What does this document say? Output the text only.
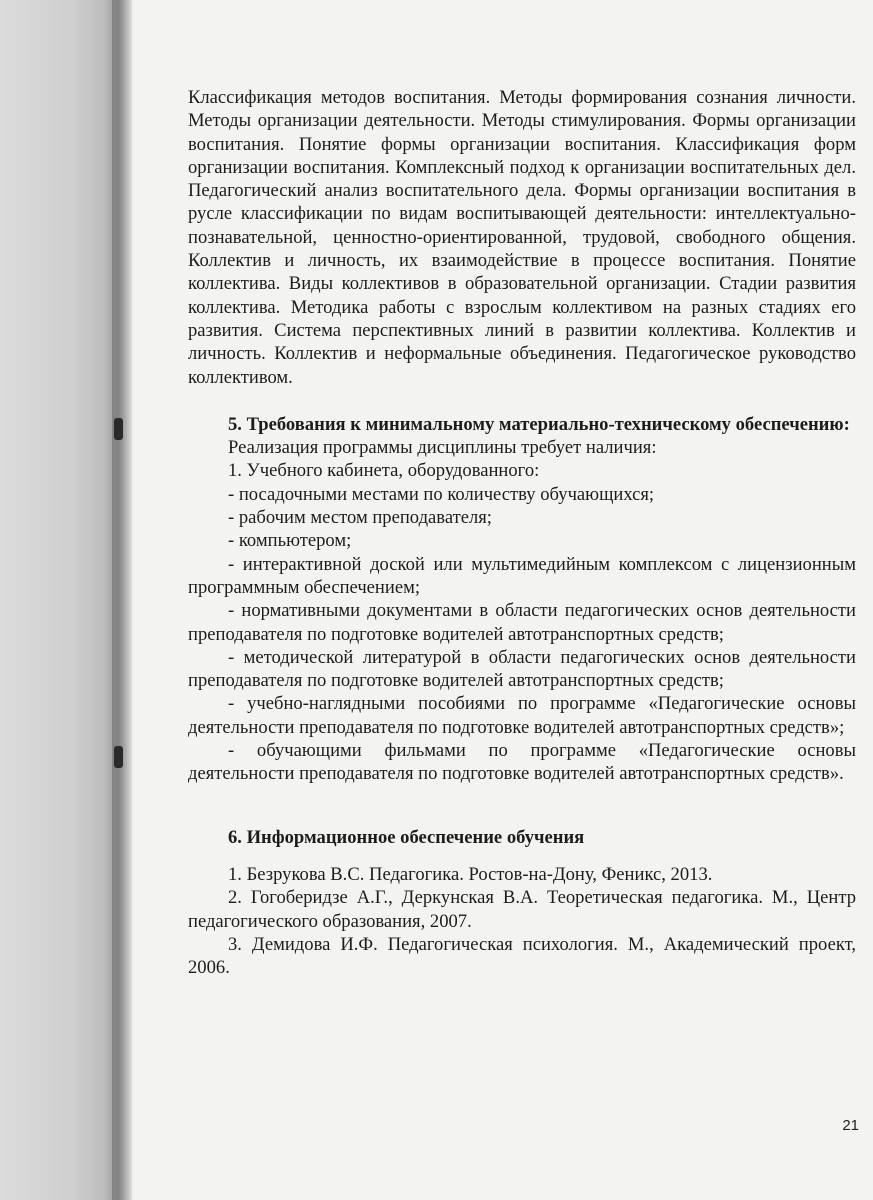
Классификация методов воспитания. Методы формирования сознания личности. Методы организации деятельности. Методы стимулирования. Формы организации воспитания. Понятие формы организации воспитания. Классификация форм организации воспитания. Комплексный подход к организации воспитательных дел. Педагогический анализ воспитательного дела. Формы организации воспитания в русле классификации по видам воспитывающей деятельности: интеллектуально-познавательной, ценностно-ориентированной, трудовой, свободного общения. Коллектив и личность, их взаимодействие в процессе воспитания. Понятие коллектива. Виды коллективов в образовательной организации. Стадии развития коллектива. Методика работы с взрослым коллективом на разных стадиях его развития. Система перспективных линий в развитии коллектива. Коллектив и личность. Коллектив и неформальные объединения. Педагогическое руководство коллективом.

5. Требования к минимальному материально-техническому обеспечению:

Реализация программы дисциплины требует наличия:

1. Учебного кабинета, оборудованного:

- посадочными местами по количеству обучающихся;

- рабочим местом преподавателя;

- компьютером;

- интерактивной доской или мультимедийным комплексом с лицензионным программным обеспечением;

- нормативными документами в области педагогических основ деятельности преподавателя по подготовке водителей автотранспортных средств;

- методической литературой в области педагогических основ деятельности преподавателя по подготовке водителей автотранспортных средств;

- учебно-наглядными пособиями по программе «Педагогические основы деятельности преподавателя по подготовке водителей автотранспортных средств»;

- обучающими фильмами по программе «Педагогические основы деятельности преподавателя по подготовке водителей автотранспортных средств».

6. Информационное обеспечение обучения

1. Безрукова В.С. Педагогика. Ростов-на-Дону, Феникс, 2013.

2. Гогоберидзе А.Г., Деркунская В.А. Теоретическая педагогика. М., Центр педагогического образования, 2007.

3. Демидова И.Ф. Педагогическая психология. М., Академический проект, 2006.

21
